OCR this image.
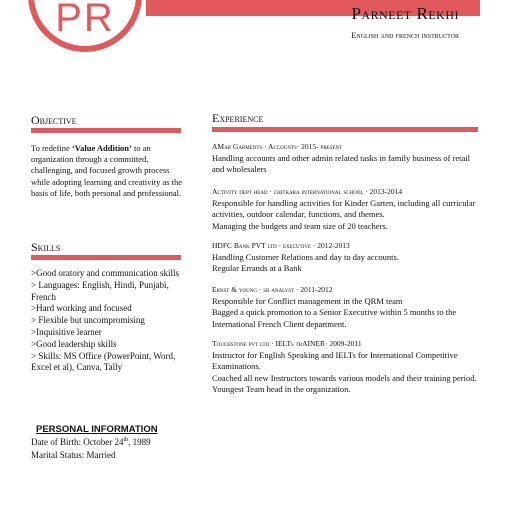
PR	Parneet Rekhi
English and french instructor
Objective
To redefine ‘Value Addition’ to an organization through a committed, challenging, and focused growth process while adopting learning and creativity as the basis of life, both personal and professional.
Skills
>Good oratory and communication skills
> Languages: English, Hindi, Punjabi, French
>Hard working and focused
> Flexible but uncompromising
>Inquisitive learner
>Good leadership skills
> Skills: MS Office (PowerPoint, Word, Excel et al), Canva, Tally
PERSONAL INFORMATION
Date of Birth: October 24th, 1989
Marital Status: Married
Experience
AMar Garments · Accounts· 2015- present
Handling accounts and other admin related tasks in family business of retail and wholesalers
Activity dept head · chitkara international school · 2013-2014
Responsible for handling activities for Kinder Garten, including all curricular activities, outdoor calendar, functions, and themes.
Managing the budgets and team size of 20 teachers.
HDFC Bank PVT ltd · executive · 2012-2013
Handling Customer Relations and day to day accounts.
Regular Errands at a Bank
Ernst & young · sr analyst · 2011-2012
Responsible for Conflict management in the QRM team
Bagged a quick promotion to a Senior Executive within 5 months to the International French Client department.
Touchstone pvt ltd · IELTs trAINER· 2009-2011
Instructor for English Speaking and IELTs for International Competitive Examinations.
Coached all new Instructors towards various models and their training period.
Youngest Team head in the organization.
